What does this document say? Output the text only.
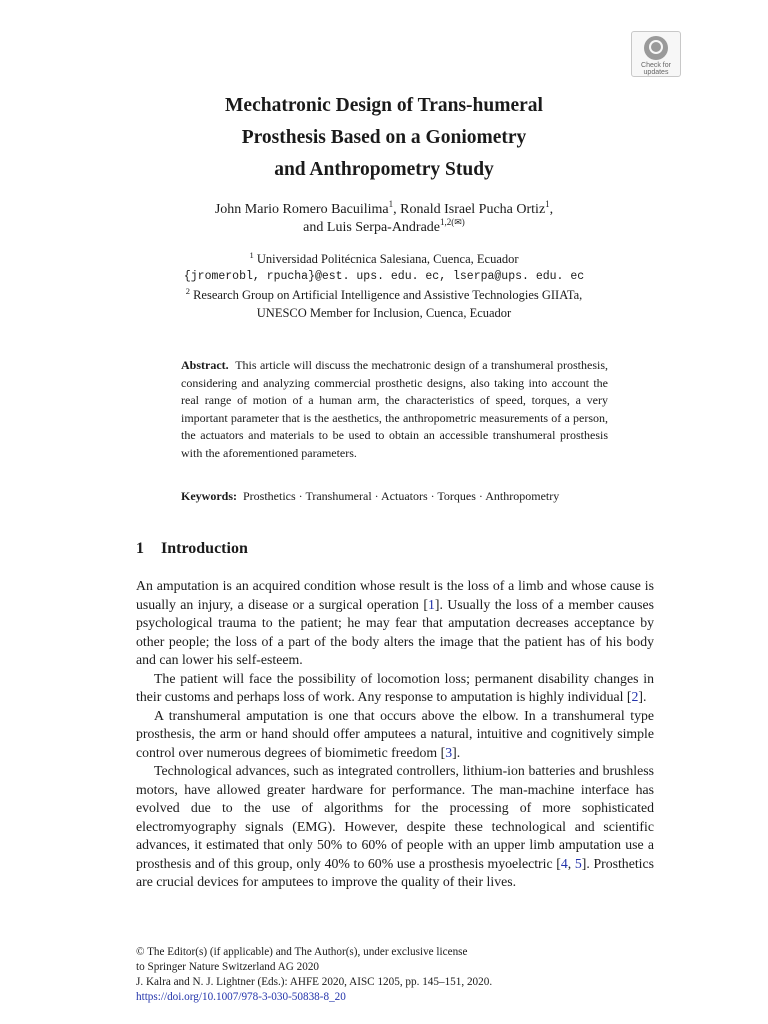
Check for
updates
Mechatronic Design of Trans-humeral
Prosthesis Based on a Goniometry
and Anthropometry Study
John Mario Romero Bacuilima$^1$, Ronald Israel Pucha Ortiz$^1$,
and Luis Serpa-Andrade$^{1,2(✉)}$
$^1$ Universidad Politécnica Salesiana, Cuenca, Ecuador
{jromerobl, rpucha}@est. ups. edu. ec, lserpa@ups. edu. ec
$^2$ Research Group on Artificial Intelligence and Assistive Technologies GIIATa,
UNESCO Member for Inclusion, Cuenca, Ecuador
Abstract. This article will discuss the mechatronic design of a transhumeral prosthesis, considering and analyzing commercial prosthetic designs, also taking into account the real range of motion of a human arm, the characteristics of speed, torques, a very important parameter that is the aesthetics, the anthropometric measurements of a person, the actuators and materials to be used to obtain an accessible transhumeral prosthesis with the aforementioned parameters.
Keywords: Prosthetics · Transhumeral · Actuators · Torques · Anthropometry
1 Introduction

An amputation is an acquired condition whose result is the loss of a limb and whose cause is usually an injury, a disease or a surgical operation [1]. Usually the loss of a member causes psychological trauma to the patient; he may fear that amputation decreases acceptance by other people; the loss of a part of the body alters the image that the patient has of his body and can lower his self-esteem.

The patient will face the possibility of locomotion loss; permanent disability changes in their customs and perhaps loss of work. Any response to amputation is highly individual [2].

A transhumeral amputation is one that occurs above the elbow. In a transhumeral type prosthesis, the arm or hand should offer amputees a natural, intuitive and cognitively simple control over numerous degrees of biomimetic freedom [3].

Technological advances, such as integrated controllers, lithium-ion batteries and brushless motors, have allowed greater hardware for performance. The man-machine interface has evolved due to the use of algorithms for the processing of more sophisticated electromyography signals (EMG). However, despite these technological and scientific advances, it estimated that only 50% to 60% of people with an upper limb amputation use a prosthesis and of this group, only 40% to 60% use a prosthesis myoelectric [4, 5]. Prosthetics are crucial devices for amputees to improve the quality of their lives.

© The Editor(s) (if applicable) and The Author(s), under exclusive license
to Springer Nature Switzerland AG 2020
J. Kalra and N. J. Lightner (Eds.): AHFE 2020, AISC 1205, pp. 145–151, 2020.
https://doi.org/10.1007/978-3-030-50838-8_20
